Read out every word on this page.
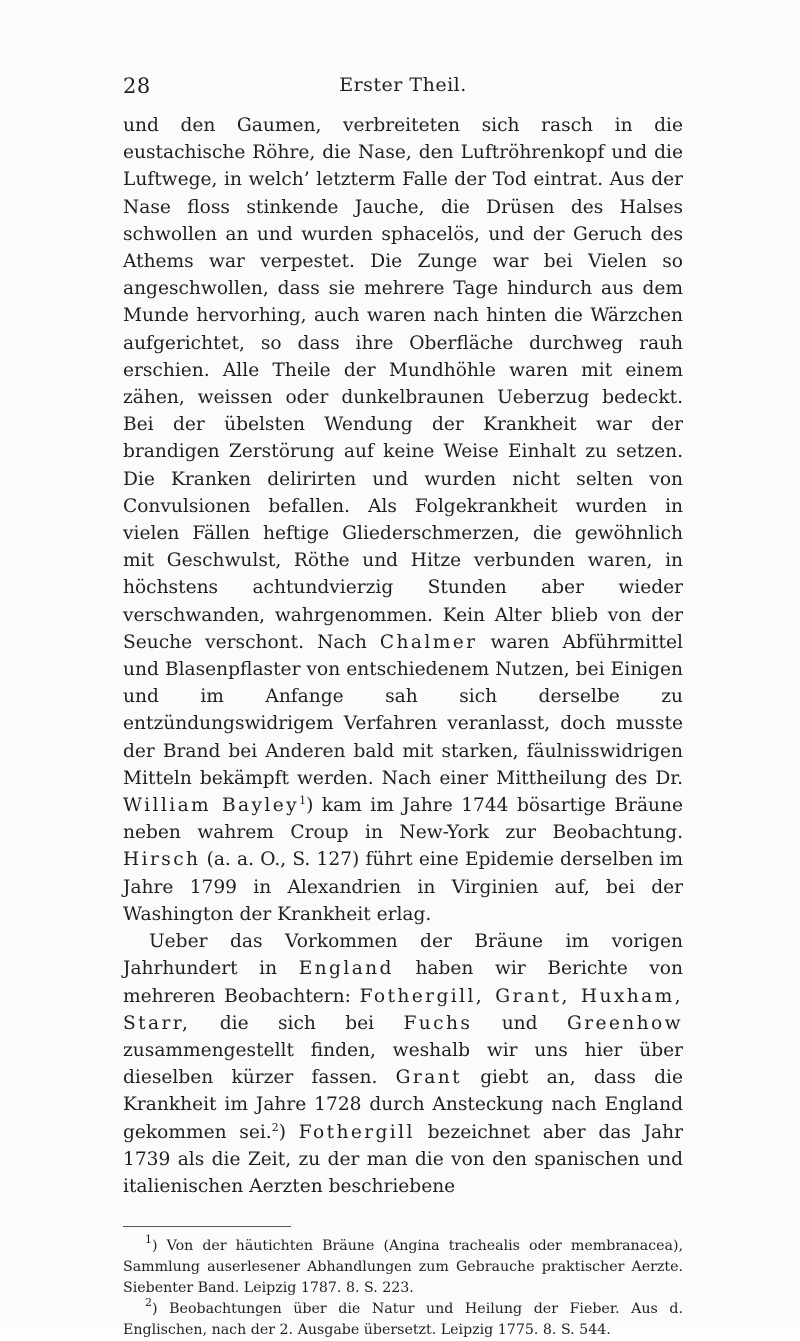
28	Erster Theil.

und den Gaumen, verbreiteten sich rasch in die eustachische Röhre, die Nase, den Luftröhrenkopf und die Luftwege, in welch’ letzterm Falle der Tod eintrat. Aus der Nase floss stinkende Jauche, die Drüsen des Halses schwollen an und wurden sphacelös, und der Geruch des Athems war verpestet. Die Zunge war bei Vielen so angeschwollen, dass sie mehrere Tage hindurch aus dem Munde hervorhing, auch waren nach hinten die Wärzchen aufgerichtet, so dass ihre Oberfläche durchweg rauh erschien. Alle Theile der Mundhöhle waren mit einem zähen, weissen oder dunkelbraunen Ueberzug bedeckt. Bei der übelsten Wendung der Krankheit war der brandigen Zerstörung auf keine Weise Einhalt zu setzen. Die Kranken delirirten und wurden nicht selten von Convulsionen befallen. Als Folgekrankheit wurden in vielen Fällen heftige Gliederschmerzen, die gewöhnlich mit Geschwulst, Röthe und Hitze verbunden waren, in höchstens achtundvierzig Stunden aber wieder verschwanden, wahrgenommen. Kein Alter blieb von der Seuche verschont. Nach Chalmer waren Abführmittel und Blasenpflaster von entschiedenem Nutzen, bei Einigen und im Anfange sah sich derselbe zu entzündungswidrigem Verfahren veranlasst, doch musste der Brand bei Anderen bald mit starken, fäulnisswidrigen Mitteln bekämpft werden. Nach einer Mittheilung des Dr. William Bayley$^1$) kam im Jahre 1744 bösartige Bräune neben wahrem Croup in New-York zur Beobachtung. Hirsch (a. a. O., S. 127) führt eine Epidemie derselben im Jahre 1799 in Alexandrien in Virginien auf, bei der Washington der Krankheit erlag.

Ueber das Vorkommen der Bräune im vorigen Jahrhundert in England haben wir Berichte von mehreren Beobachtern: Fothergill, Grant, Huxham, Starr, die sich bei Fuchs und Greenhow zusammengestellt finden, weshalb wir uns hier über dieselben kürzer fassen. Grant giebt an, dass die Krankheit im Jahre 1728 durch Ansteckung nach England gekommen sei.$^2$) Fothergill bezeichnet aber das Jahr 1739 als die Zeit, zu der man die von den spanischen und italienischen Aerzten beschriebene

$^1$) Von der häutichten Bräune (Angina trachealis oder membranacea), Sammlung auserlesener Abhandlungen zum Gebrauche praktischer Aerzte. Siebenter Band. Leipzig 1787. 8. S. 223.

$^2$) Beobachtungen über die Natur und Heilung der Fieber. Aus d. Englischen, nach der 2. Ausgabe übersetzt. Leipzig 1775. 8. S. 544.
